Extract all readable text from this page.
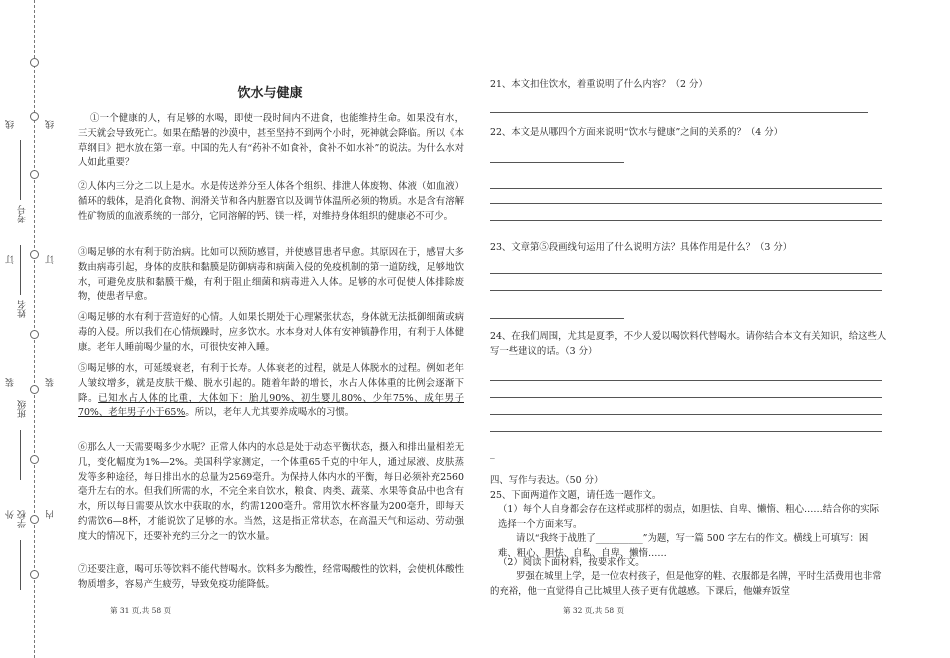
线	线
考号
订	订
姓名
装	装
班级
内
学校
外
饮水与健康
①一个健康的人，有足够的水喝，即使一段时间内不进食，也能维持生命。如果没有水，三天就会导致死亡。如果在酷暑的沙漠中，甚至坚持不到两个小时，死神就会降临。所以《本草纲目》把水放在第一章。中国的先人有“药补不如食补，食补不如水补”的说法。为什么水对人如此重要？
②人体内三分之二以上是水。水是传送养分至人体各个组织、排泄人体废物、体液（如血液）循环的载体，是消化食物、润滑关节和各内脏器官以及调节体温所必须的物质。水是含有溶解性矿物质的血液系统的一部分，它同溶解的钙、镁一样，对维持身体组织的健康必不可少。
③喝足够的水有利于防治病。比如可以预防感冒，并使感冒患者早愈。其原因在于，感冒大多数由病毒引起，身体的皮肤和黏膜是防御病毒和病菌入侵的免疫机制的第一道防线，足够地饮水，可避免皮肤和黏膜干燥，有利于阻止细菌和病毒进入人体。足够的水可促使人体排除废物，使患者早愈。
④喝足够的水有利于营造好的心情。人如果长期处于心理紧张状态，身体就无法抵御细菌或病毒的入侵。所以我们在心情烦躁时，应多饮水。水本身对人体有安神镇静作用，有利于人体健康。老年人睡前喝少量的水，可很快安神入睡。
⑤喝足够的水，可延缓衰老，有利于长寿。人体衰老的过程，就是人体脱水的过程。例如老年人皱纹增多，就是皮肤干燥、脱水引起的。随着年龄的增长，水占人体体重的比例会逐渐下降。已知水占人体的比重，大体如下：胎儿90%、初生婴儿80%、少年75%、成年男子70%、老年男子小于65%。所以，老年人尤其要养成喝水的习惯。
⑥那么人一天需要喝多少水呢？正常人体内的水总是处于动态平衡状态，摄入和排出量相差无几，变化幅度为1%—2%。美国科学家测定，一个体重65千克的中年人，通过尿液、皮肤蒸发等多种途径，每日排出水的总量为2569毫升。为保持人体内水的平衡，每日必须补充2560毫升左右的水。但我们所需的水，不完全来自饮水，粮食、肉类、蔬菜、水果等食品中也含有水，所以每日需要从饮水中获取的水，约需1200毫升。常用饮水杯容量为200毫升，即每天约需饮6—8杯，才能说饮了足够的水。当然，这是指正常状态，在高温天气和运动、劳动强度大的情况下，还要补充约三分之一的饮水量。
⑦还要注意，喝可乐等饮料不能代替喝水。饮料多为酸性，经常喝酸性的饮料，会使机体酸性物质增多，容易产生疲劳，导致免疫功能降低。
第 31 页,共 58 页
21、本文扣住饮水，着重说明了什么内容？（2 分）
22、本文是从哪四个方面来说明“饮水与健康”之间的关系的？（4 分）
23、文章第⑤段画线句运用了什么说明方法？具体作用是什么？（3 分）
24、在我们周围，尤其是夏季，不少人爱以喝饮料代替喝水。请你结合本文有关知识，给这些人写一些建议的话。（3 分）
_
四、写作与表达。（50 分）
25、下面两道作文题，请任选一题作文。
（1）每个人自身都会存在这样或那样的弱点，如胆怯、自卑、懒惰、粗心……结合你的实际选择一个方面来写。
请以“我终于战胜了__________”为题，写一篇 500 字左右的作文。横线上可填写：困难、粗心、胆怯、自私、自卑、懒惰……
（2）阅读下面材料，按要求作文。
罗强在城里上学，是一位农村孩子，但是他穿的鞋、衣服都是名牌，平时生活费用也非常的充裕，他一直觉得自己比城里人孩子更有优越感。下课后，他嫌弃饭堂
第 32 页,共 58 页
